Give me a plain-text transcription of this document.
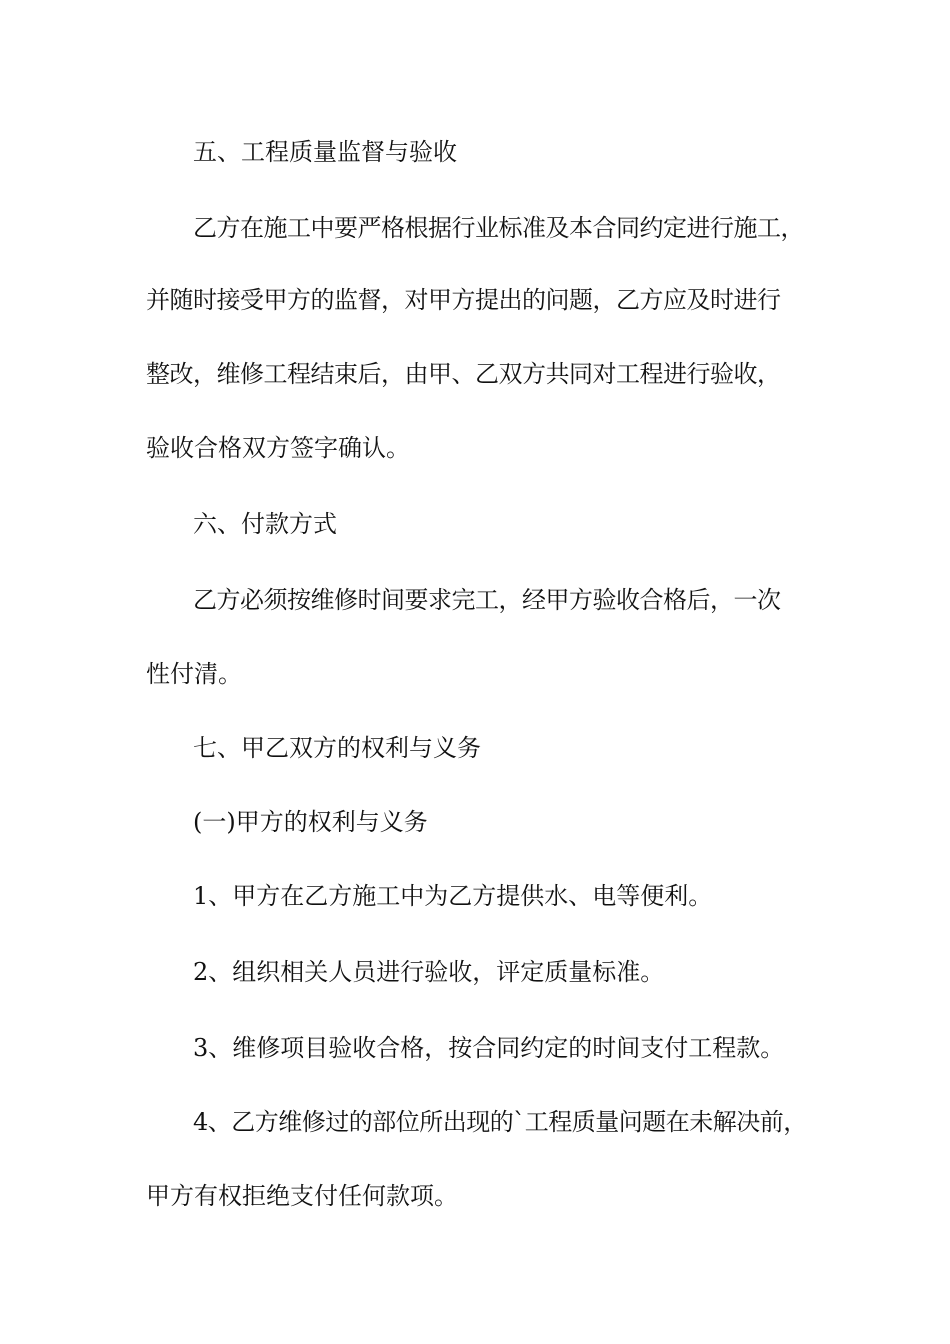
五、工程质量监督与验收
乙方在施工中要严格根据行业标准及本合同约定进行施工，
并随时接受甲方的监督，对甲方提出的问题，乙方应及时进行
整改，维修工程结束后，由甲、乙双方共同对工程进行验收，
验收合格双方签字确认。
六、付款方式
乙方必须按维修时间要求完工，经甲方验收合格后，一次
性付清。
七、甲乙双方的权利与义务
(一)甲方的权利与义务
1、甲方在乙方施工中为乙方提供水、电等便利。
2、组织相关人员进行验收，评定质量标准。
3、维修项目验收合格，按合同约定的时间支付工程款。
4、乙方维修过的部位所出现的`工程质量问题在未解决前，
甲方有权拒绝支付任何款项。
